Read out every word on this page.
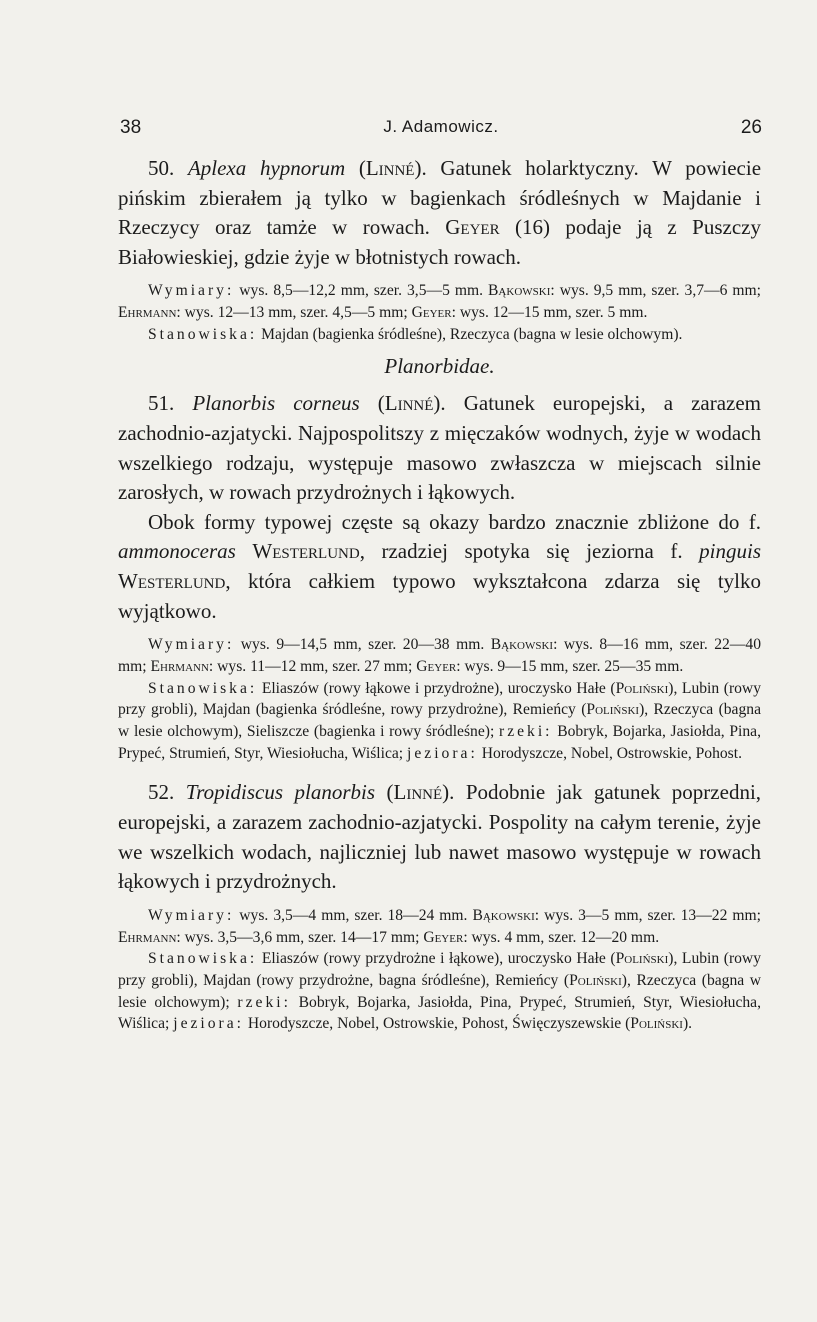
38	J. Adamowicz.	26

50. Aplexa hypnorum (Linné). Gatunek holarktyczny. W powiecie pińskim zbierałem ją tylko w bagienkach śródleśnych w Majdanie i Rzeczycy oraz tamże w rowach. Geyer (16) podaje ją z Puszczy Białowieskiej, gdzie żyje w błotnistych rowach.

Wymiary: wys. 8,5—12,2 mm, szer. 3,5—5 mm. Bąkowski: wys. 9,5 mm, szer. 3,7—6 mm; Ehrmann: wys. 12—13 mm, szer. 4,5—5 mm; Geyer: wys. 12—15 mm, szer. 5 mm.

Stanowiska: Majdan (bagienka śródleśne), Rzeczyca (bagna w lesie olchowym).

Planorbidae.

51. Planorbis corneus (Linné). Gatunek europejski, a zarazem zachodnio-azjatycki. Najpospolitszy z mięczaków wodnych, żyje w wodach wszelkiego rodzaju, występuje masowo zwłaszcza w miejscach silnie zarosłych, w rowach przydrożnych i łąkowych.

Obok formy typowej częste są okazy bardzo znacznie zbliżone do f. ammonoceras Westerlund, rzadziej spotyka się jeziorna f. pinguis Westerlund, która całkiem typowo wykształcona zdarza się tylko wyjątkowo.

Wymiary: wys. 9—14,5 mm, szer. 20—38 mm. Bąkowski: wys. 8—16 mm, szer. 22—40 mm; Ehrmann: wys. 11—12 mm, szer. 27 mm; Geyer: wys. 9—15 mm, szer. 25—35 mm.

Stanowiska: Eliaszów (rowy łąkowe i przydrożne), uroczysko Hałe (Poliński), Lubin (rowy przy grobli), Majdan (bagienka śródleśne, rowy przydrożne), Remieńcy (Poliński), Rzeczyca (bagna w lesie olchowym), Sieliszcze (bagienka i rowy śródleśne); rzeki: Bobryk, Bojarka, Jasiołda, Pina, Prypeć, Strumień, Styr, Wiesiołucha, Wiślica; jeziora: Horodyszcze, Nobel, Ostrowskie, Pohost.

52. Tropidiscus planorbis (Linné). Podobnie jak gatunek poprzedni, europejski, a zarazem zachodnio-azjatycki. Pospolity na całym terenie, żyje we wszelkich wodach, najliczniej lub nawet masowo występuje w rowach łąkowych i przydrożnych.

Wymiary: wys. 3,5—4 mm, szer. 18—24 mm. Bąkowski: wys. 3—5 mm, szer. 13—22 mm; Ehrmann: wys. 3,5—3,6 mm, szer. 14—17 mm; Geyer: wys. 4 mm, szer. 12—20 mm.

Stanowiska: Eliaszów (rowy przydrożne i łąkowe), uroczysko Hałe (Poliński), Lubin (rowy przy grobli), Majdan (rowy przydrożne, bagna śródleśne), Remieńcy (Poliński), Rzeczyca (bagna w lesie olchowym); rzeki: Bobryk, Bojarka, Jasiołda, Pina, Prypeć, Strumień, Styr, Wiesiołucha, Wiślica; jeziora: Horodyszcze, Nobel, Ostrowskie, Pohost, Święczyszewskie (Poliński).
